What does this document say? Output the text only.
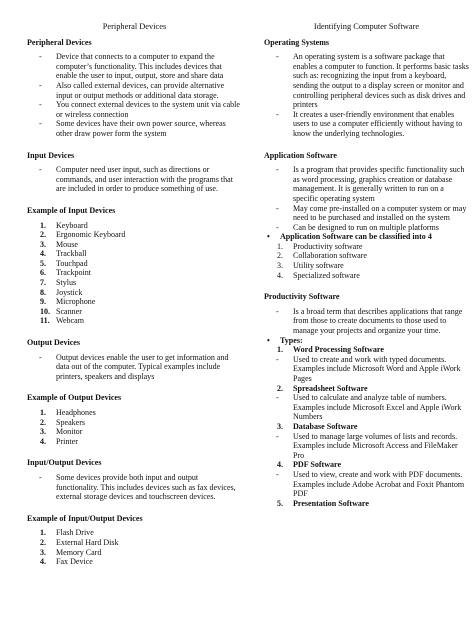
Peripheral Devices
Peripheral Devices
- Device that connects to a computer to expand the computer’s functionality. This includes devices that enable the user to input, output, store and share data
- Also called external devices, can provide alternative input or output methods or additional data storage.
- You connect external devices to the system unit via cable or wireless connection
- Some devices have their own power source, whereas other draw power form the system
Input Devices
- Computer need user input, such as directions or commands, and user interaction with the programs that are included in order to produce something of use.
Example of Input Devices
1. Keyboard
2. Ergonomic Keyboard
3. Mouse
4. Trackball
5. Touchpad
6. Trackpoint
7. Stylus
8. Joystick
9. Microphone
10. Scanner
11. Webcam
Output Devices
- Output devices enable the user to get information and data out of the computer. Typical examples include printers, speakers and displays
Example of Output Devices
1. Headphones
2. Speakers
3. Monitor
4. Printer
Input/Output Devices
- Some devices provide both input and output functionality. This includes devices such as fax devices, external storage devices and touchscreen devices.
Example of Input/Output Devices
1. Flash Drive
2. External Hard Disk
3. Memory Card
4. Fax Device
Identifying Computer Software
Operating Systems
- An operating system is a software package that enables a computer to function. It performs basic tasks such as: recognizing the input from a keyboard, sending the output to a display screen or monitor and controlling peripheral devices such as disk drives and printers
- It creates a user-friendly environment that enables users to use a computer efficiently without having to know the underlying technologies.
Application Software
- Is a program that provides specific functionality such as word processing, graphics creation or database management. It is generally written to run on a specific operating system
- May come pre-installed on a computer system or may need to be purchased and installed on the system
- Can be designed to run on multiple platforms
• Application Software can be classified into 4
1. Productivity software
2. Collaboration software
3. Utility software
4. Specialized software
Productivity Software
- Is a broad term that describes applications that range from those to create documents to those used to manage your projects and organize your time.
• Types:
1. Word Processing Software
- Used to create and work with typed documents. Examples include Microsoft Word and Apple iWork Pages
2. Spreadsheet Software
- Used to calculate and analyze table of numbers. Examples include Microsoft Excel and Apple iWork Numbers
3. Database Software
- Used to manage large volumes of lists and records. Examples include Microsoft Access and FileMaker Pro
4. PDF Software
- Used to view, create and work with PDF documents. Examples include Adobe Acrobat and Foxit Phantom PDF
5. Presentation Software
